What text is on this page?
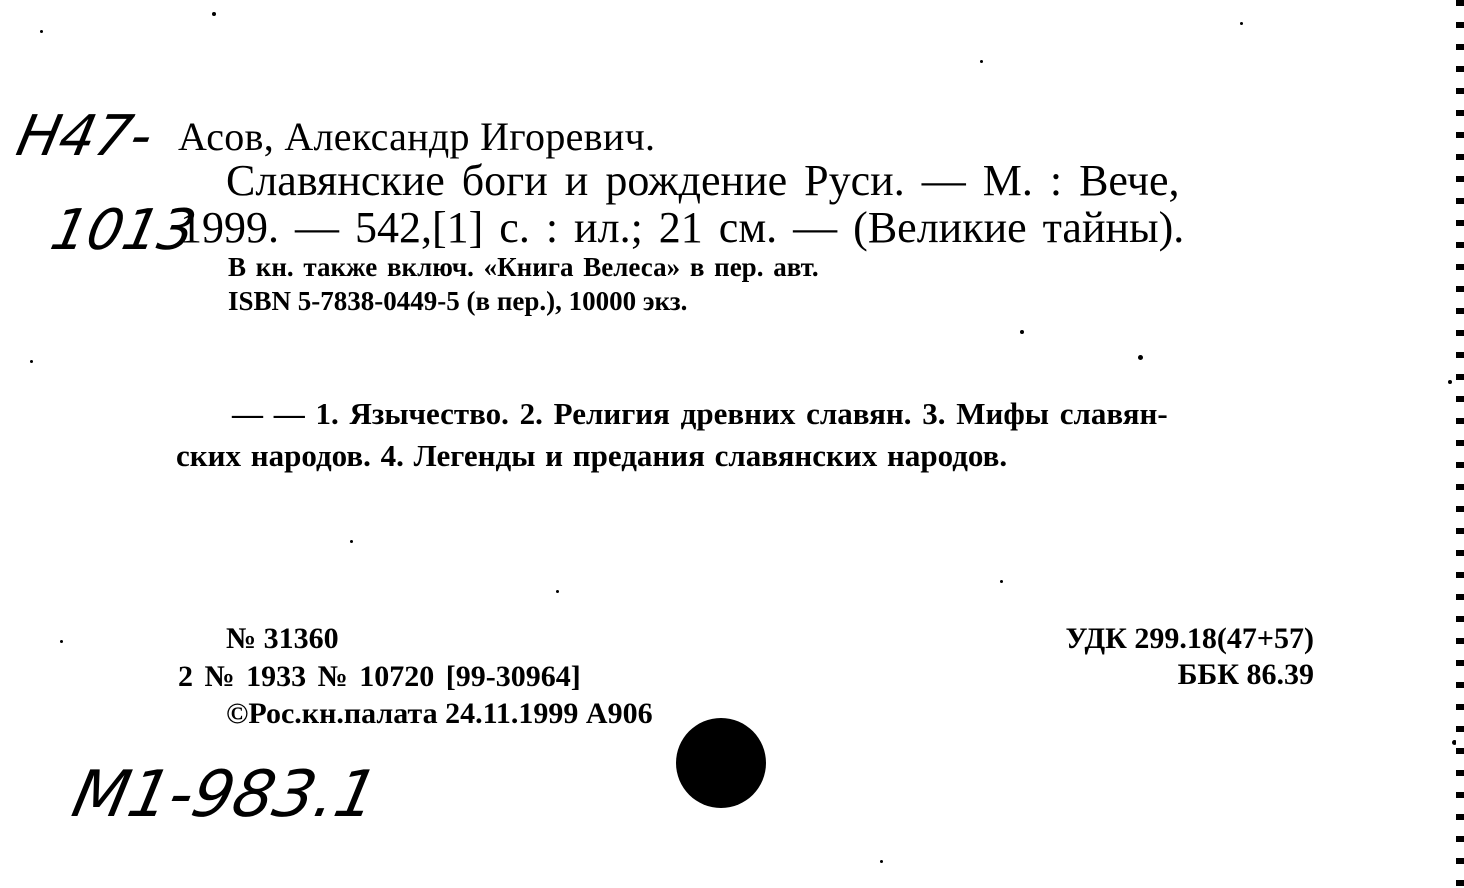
Н47-
1013
М1-983.1
Асов, Александр Игоревич.
Славянские боги и рождение Руси. — М. : Вече,
1999. — 542,[1] с. : ил.; 21 см. — (Великие тайны).
В кн. также включ. «Книга Велеса» в пер. авт.
ISBN 5-7838-0449-5 (в пер.), 10000 экз.
— — 1. Язычество. 2. Религия древних славян. 3. Мифы славян-
ских народов. 4. Легенды и предания славянских народов.
№ 31360
2 № 1933 № 10720 [99-30964]
©Рос.кн.палата 24.11.1999 А906
УДК 299.18(47+57)
ББК 86.39
